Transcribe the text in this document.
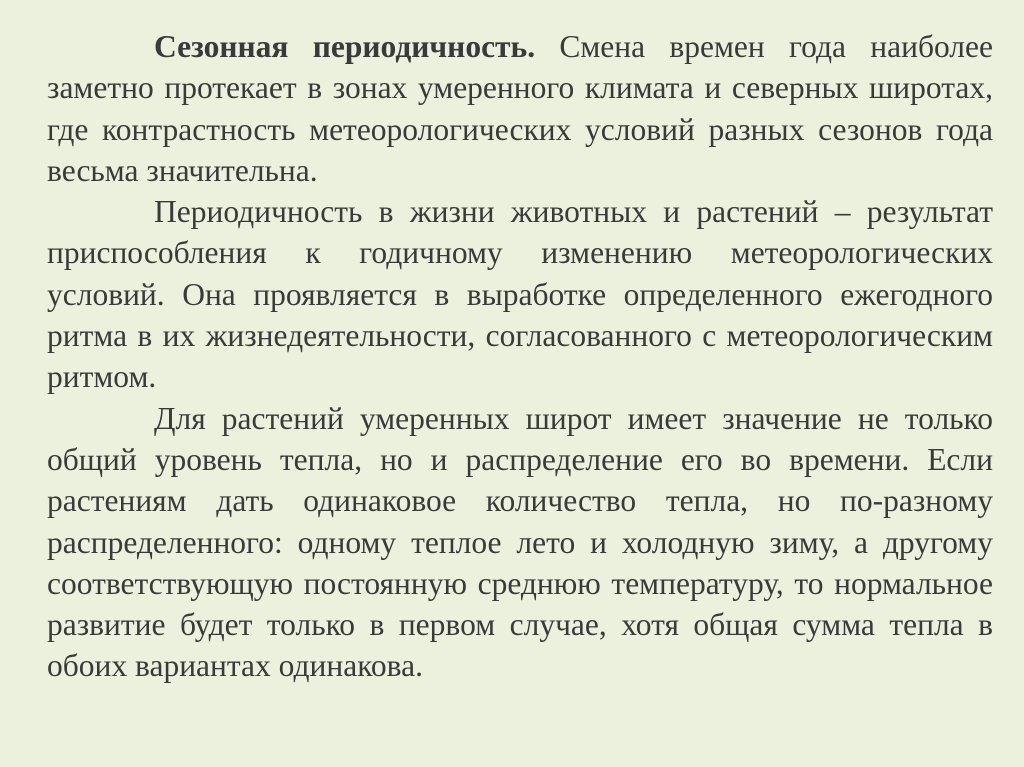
Сезонная периодичность. Смена времен года наиболее заметно протекает в зонах умеренного климата и северных широтах, где контрастность метеорологических условий разных сезонов года весьма значительна.

Периодичность в жизни животных и растений – результат приспособления к годичному изменению метеорологических условий. Она проявляется в выработке определенного ежегодного ритма в их жизнедеятельности, согласованного с метеорологическим ритмом.

Для растений умеренных широт имеет значение не только общий уровень тепла, но и распределение его во времени. Если растениям дать одинаковое количество тепла, но по-разному распределенного: одному теплое лето и холодную зиму, а другому соответствующую постоянную среднюю температуру, то нормальное развитие будет только в первом случае, хотя общая сумма тепла в обоих вариантах одинакова.
